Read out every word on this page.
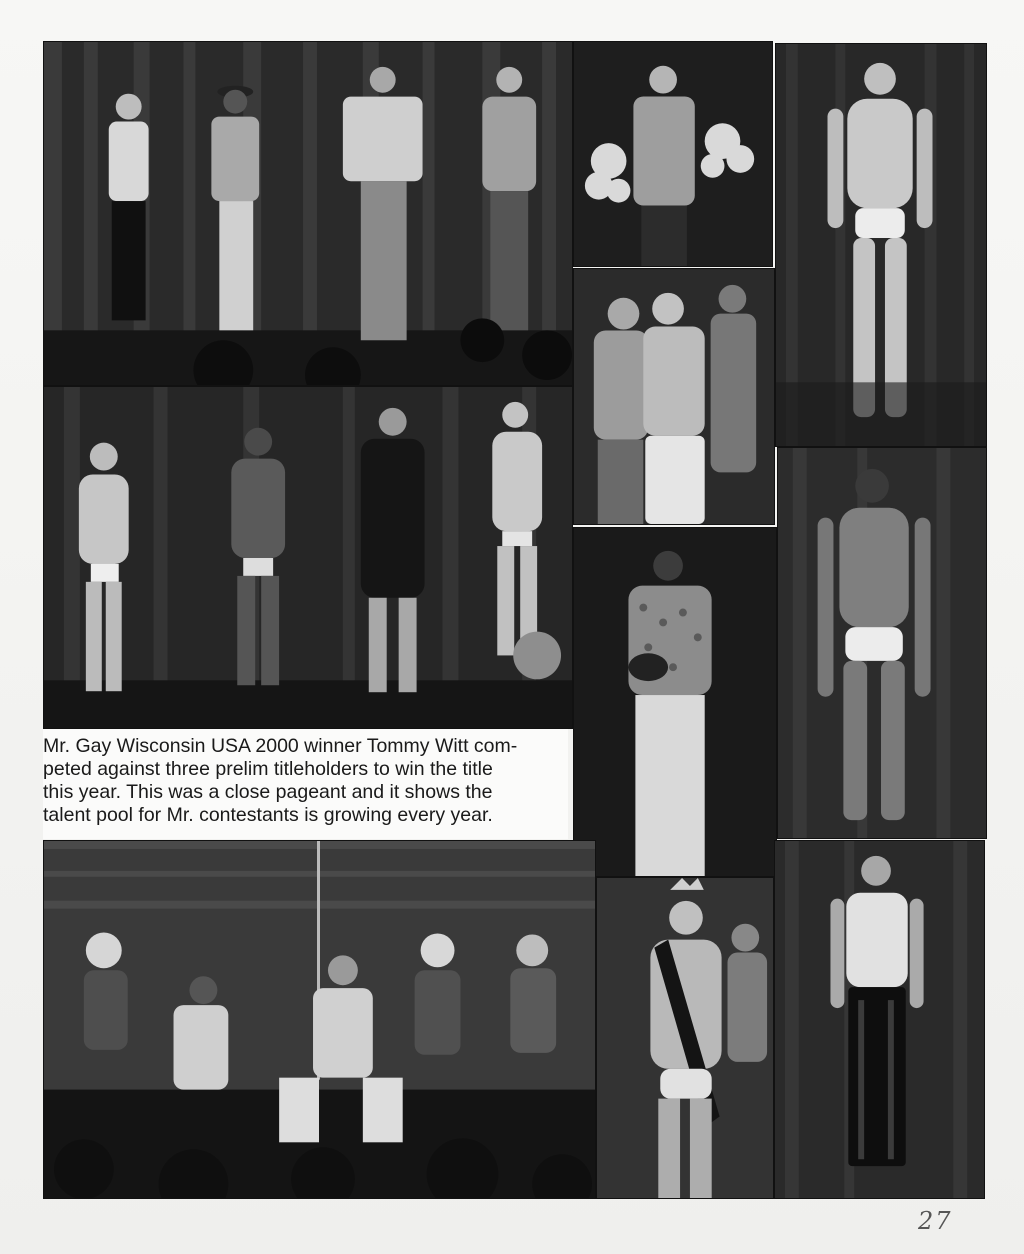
Mr. Gay Wisconsin USA 2000 winner Tommy Witt com-
peted against three prelim titleholders to win the title
this year. This was a close pageant and it shows the
talent pool for Mr. contestants is growing every year.
27
